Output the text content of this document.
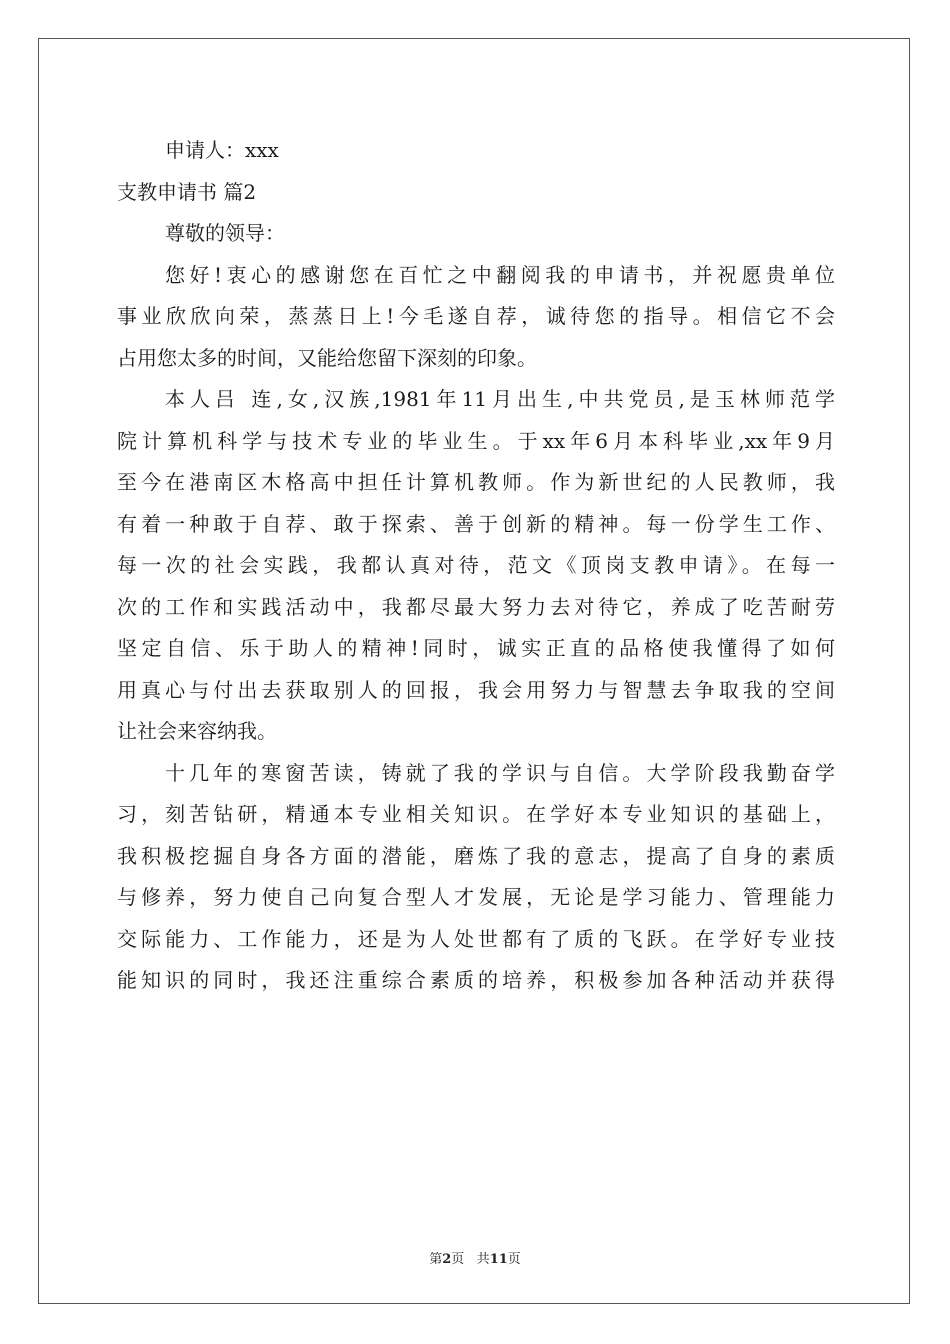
申请人：xxx
支教申请书 篇2
尊敬的领导：
您好!衷心的感谢您在百忙之中翻阅我的申请书，并祝愿贵单位
事业欣欣向荣，蒸蒸日上!今毛遂自荐，诚待您的指导。相信它不会
占用您太多的时间，又能给您留下深刻的印象。
本人吕 连,女,汉族,1981年11月出生,中共党员,是玉林师范学
院计算机科学与技术专业的毕业生。于xx年6月本科毕业,xx年9月
至今在港南区木格高中担任计算机教师。作为新世纪的人民教师，我
有着一种敢于自荐、敢于探索、善于创新的精神。每一份学生工作、
每一次的社会实践，我都认真对待，范文《顶岗支教申请》。在每一
次的工作和实践活动中，我都尽最大努力去对待它，养成了吃苦耐劳
坚定自信、乐于助人的精神!同时，诚实正直的品格使我懂得了如何
用真心与付出去获取别人的回报，我会用努力与智慧去争取我的空间
让社会来容纳我。
十几年的寒窗苦读，铸就了我的学识与自信。大学阶段我勤奋学
习，刻苦钻研，精通本专业相关知识。在学好本专业知识的基础上，
我积极挖掘自身各方面的潜能，磨炼了我的意志，提高了自身的素质
与修养，努力使自己向复合型人才发展，无论是学习能力、管理能力
交际能力、工作能力，还是为人处世都有了质的飞跃。在学好专业技
能知识的同时，我还注重综合素质的培养，积极参加各种活动并获得
第2页 共11页
